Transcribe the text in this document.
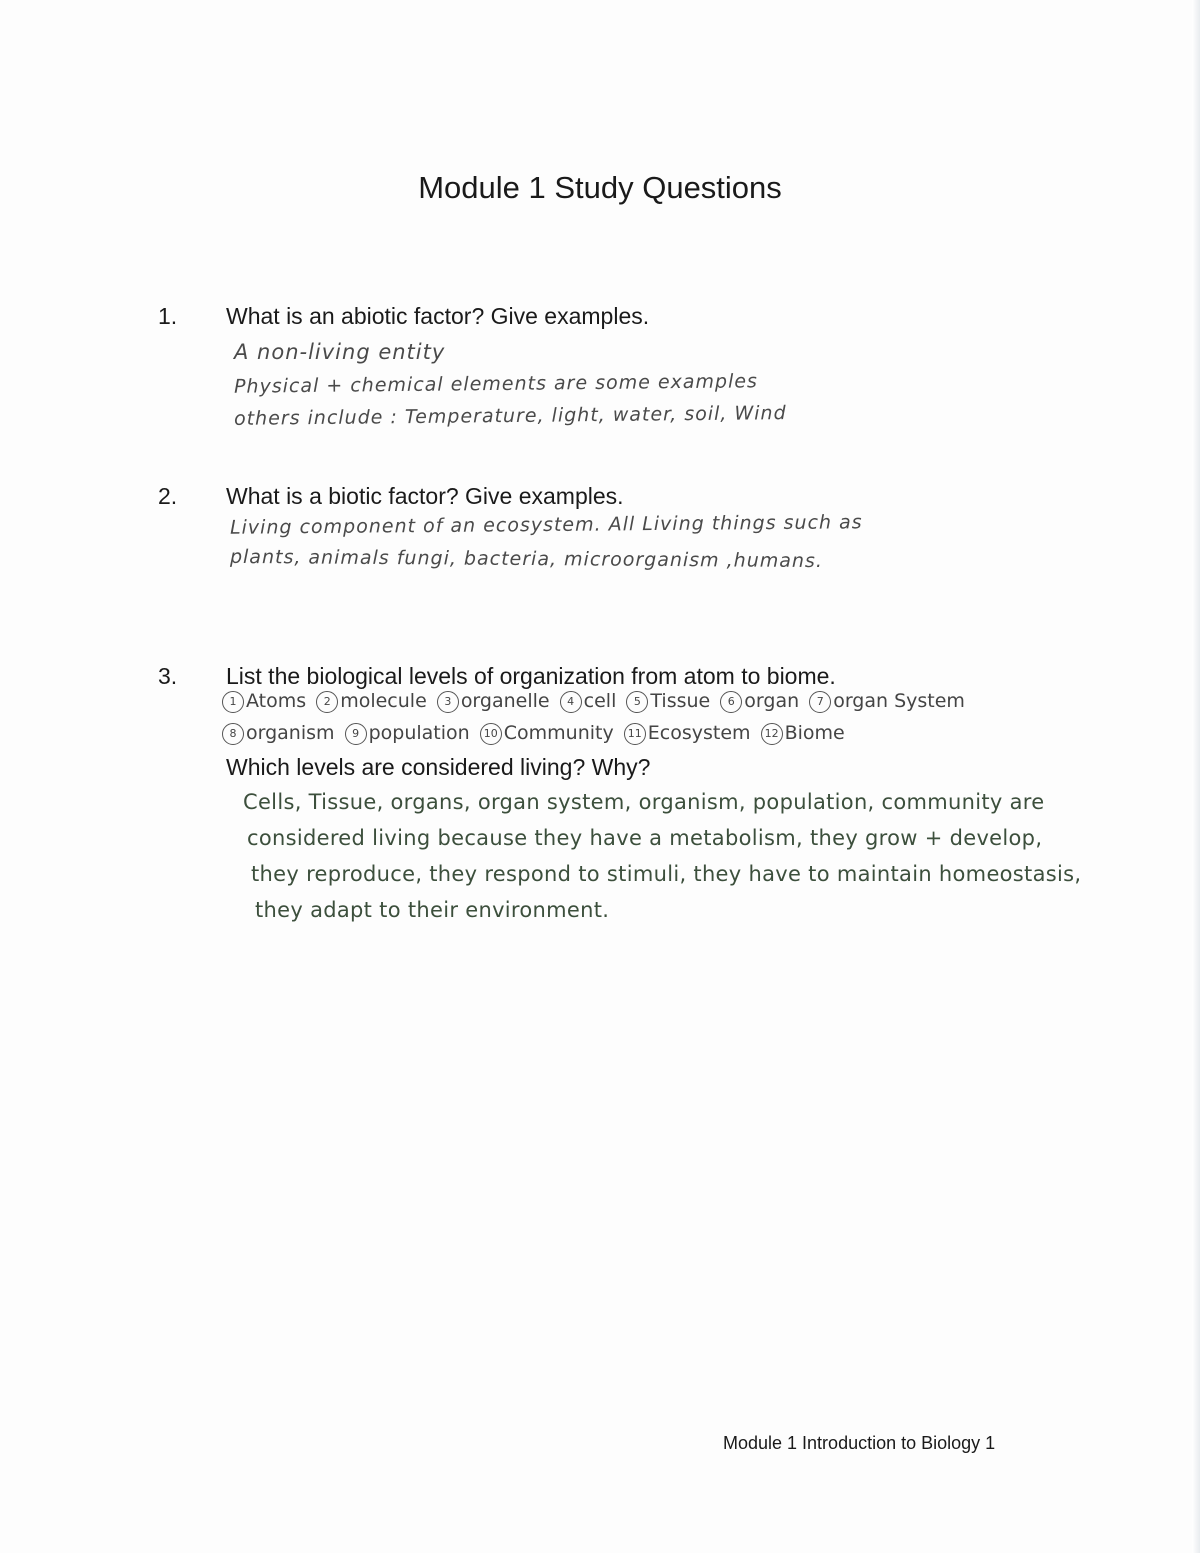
Module 1 Study Questions
1. What is an abiotic factor? Give examples.
A non-living entity
Physical + chemical elements are some examples
others include : Temperature, light, water, soil, Wind
2. What is a biotic factor? Give examples.
Living component of an ecosystem. All Living things such as
plants, animals fungi, bacteria, microorganism ,humans.
3. List the biological levels of organization from atom to biome.
1 Atoms 2 molecule 3 organelle 4 cell 5 Tissue 6 organ 7 organ System
8 organism 9 population 10 Community 11 Ecosystem 12 Biome
Which levels are considered living? Why?
Cells, Tissue, organs, organ system, organism, population, community are
considered living because they have a metabolism, they grow + develop,
they reproduce, they respond to stimuli, they have to maintain homeostasis,
they adapt to their environment.
Module 1 Introduction to Biology 1
